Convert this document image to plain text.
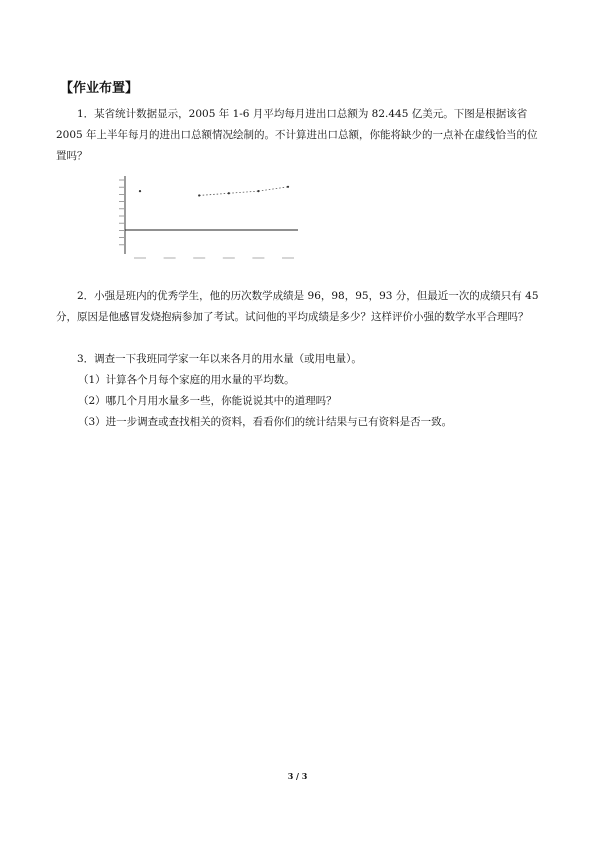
【作业布置】

1．某省统计数据显示，2005 年 1-6 月平均每月进出口总额为 82.445 亿美元。下图是根据该省 2005 年上半年每月的进出口总额情况绘制的。不计算进出口总额，你能将缺少的一点补在虚线恰当的位置吗？

2．小强是班内的优秀学生，他的历次数学成绩是 96，98，95，93 分，但最近一次的成绩只有 45 分，原因是他感冒发烧抱病参加了考试。试问他的平均成绩是多少？这样评价小强的数学水平合理吗？

3．调查一下我班同学家一年以来各月的用水量（或用电量）。

（1）计算各个月每个家庭的用水量的平均数。

（2）哪几个月用水量多一些，你能说说其中的道理吗？

（3）进一步调查或查找相关的资料，看看你们的统计结果与已有资料是否一致。

3 / 3
